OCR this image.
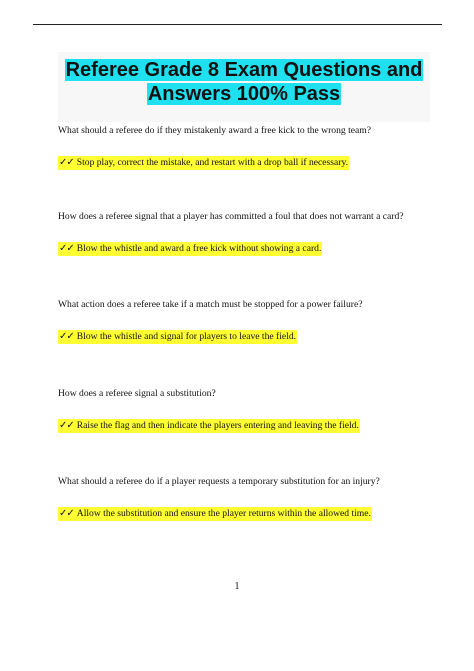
Referee Grade 8 Exam Questions and
Answers 100% Pass

What should a referee do if they mistakenly award a free kick to the wrong team?

✓✓ Stop play, correct the mistake, and restart with a drop ball if necessary.

How does a referee signal that a player has committed a foul that does not warrant a card?

✓✓ Blow the whistle and award a free kick without showing a card.

What action does a referee take if a match must be stopped for a power failure?

✓✓ Blow the whistle and signal for players to leave the field.

How does a referee signal a substitution?

✓✓ Raise the flag and then indicate the players entering and leaving the field.

What should a referee do if a player requests a temporary substitution for an injury?

✓✓ Allow the substitution and ensure the player returns within the allowed time.

1
